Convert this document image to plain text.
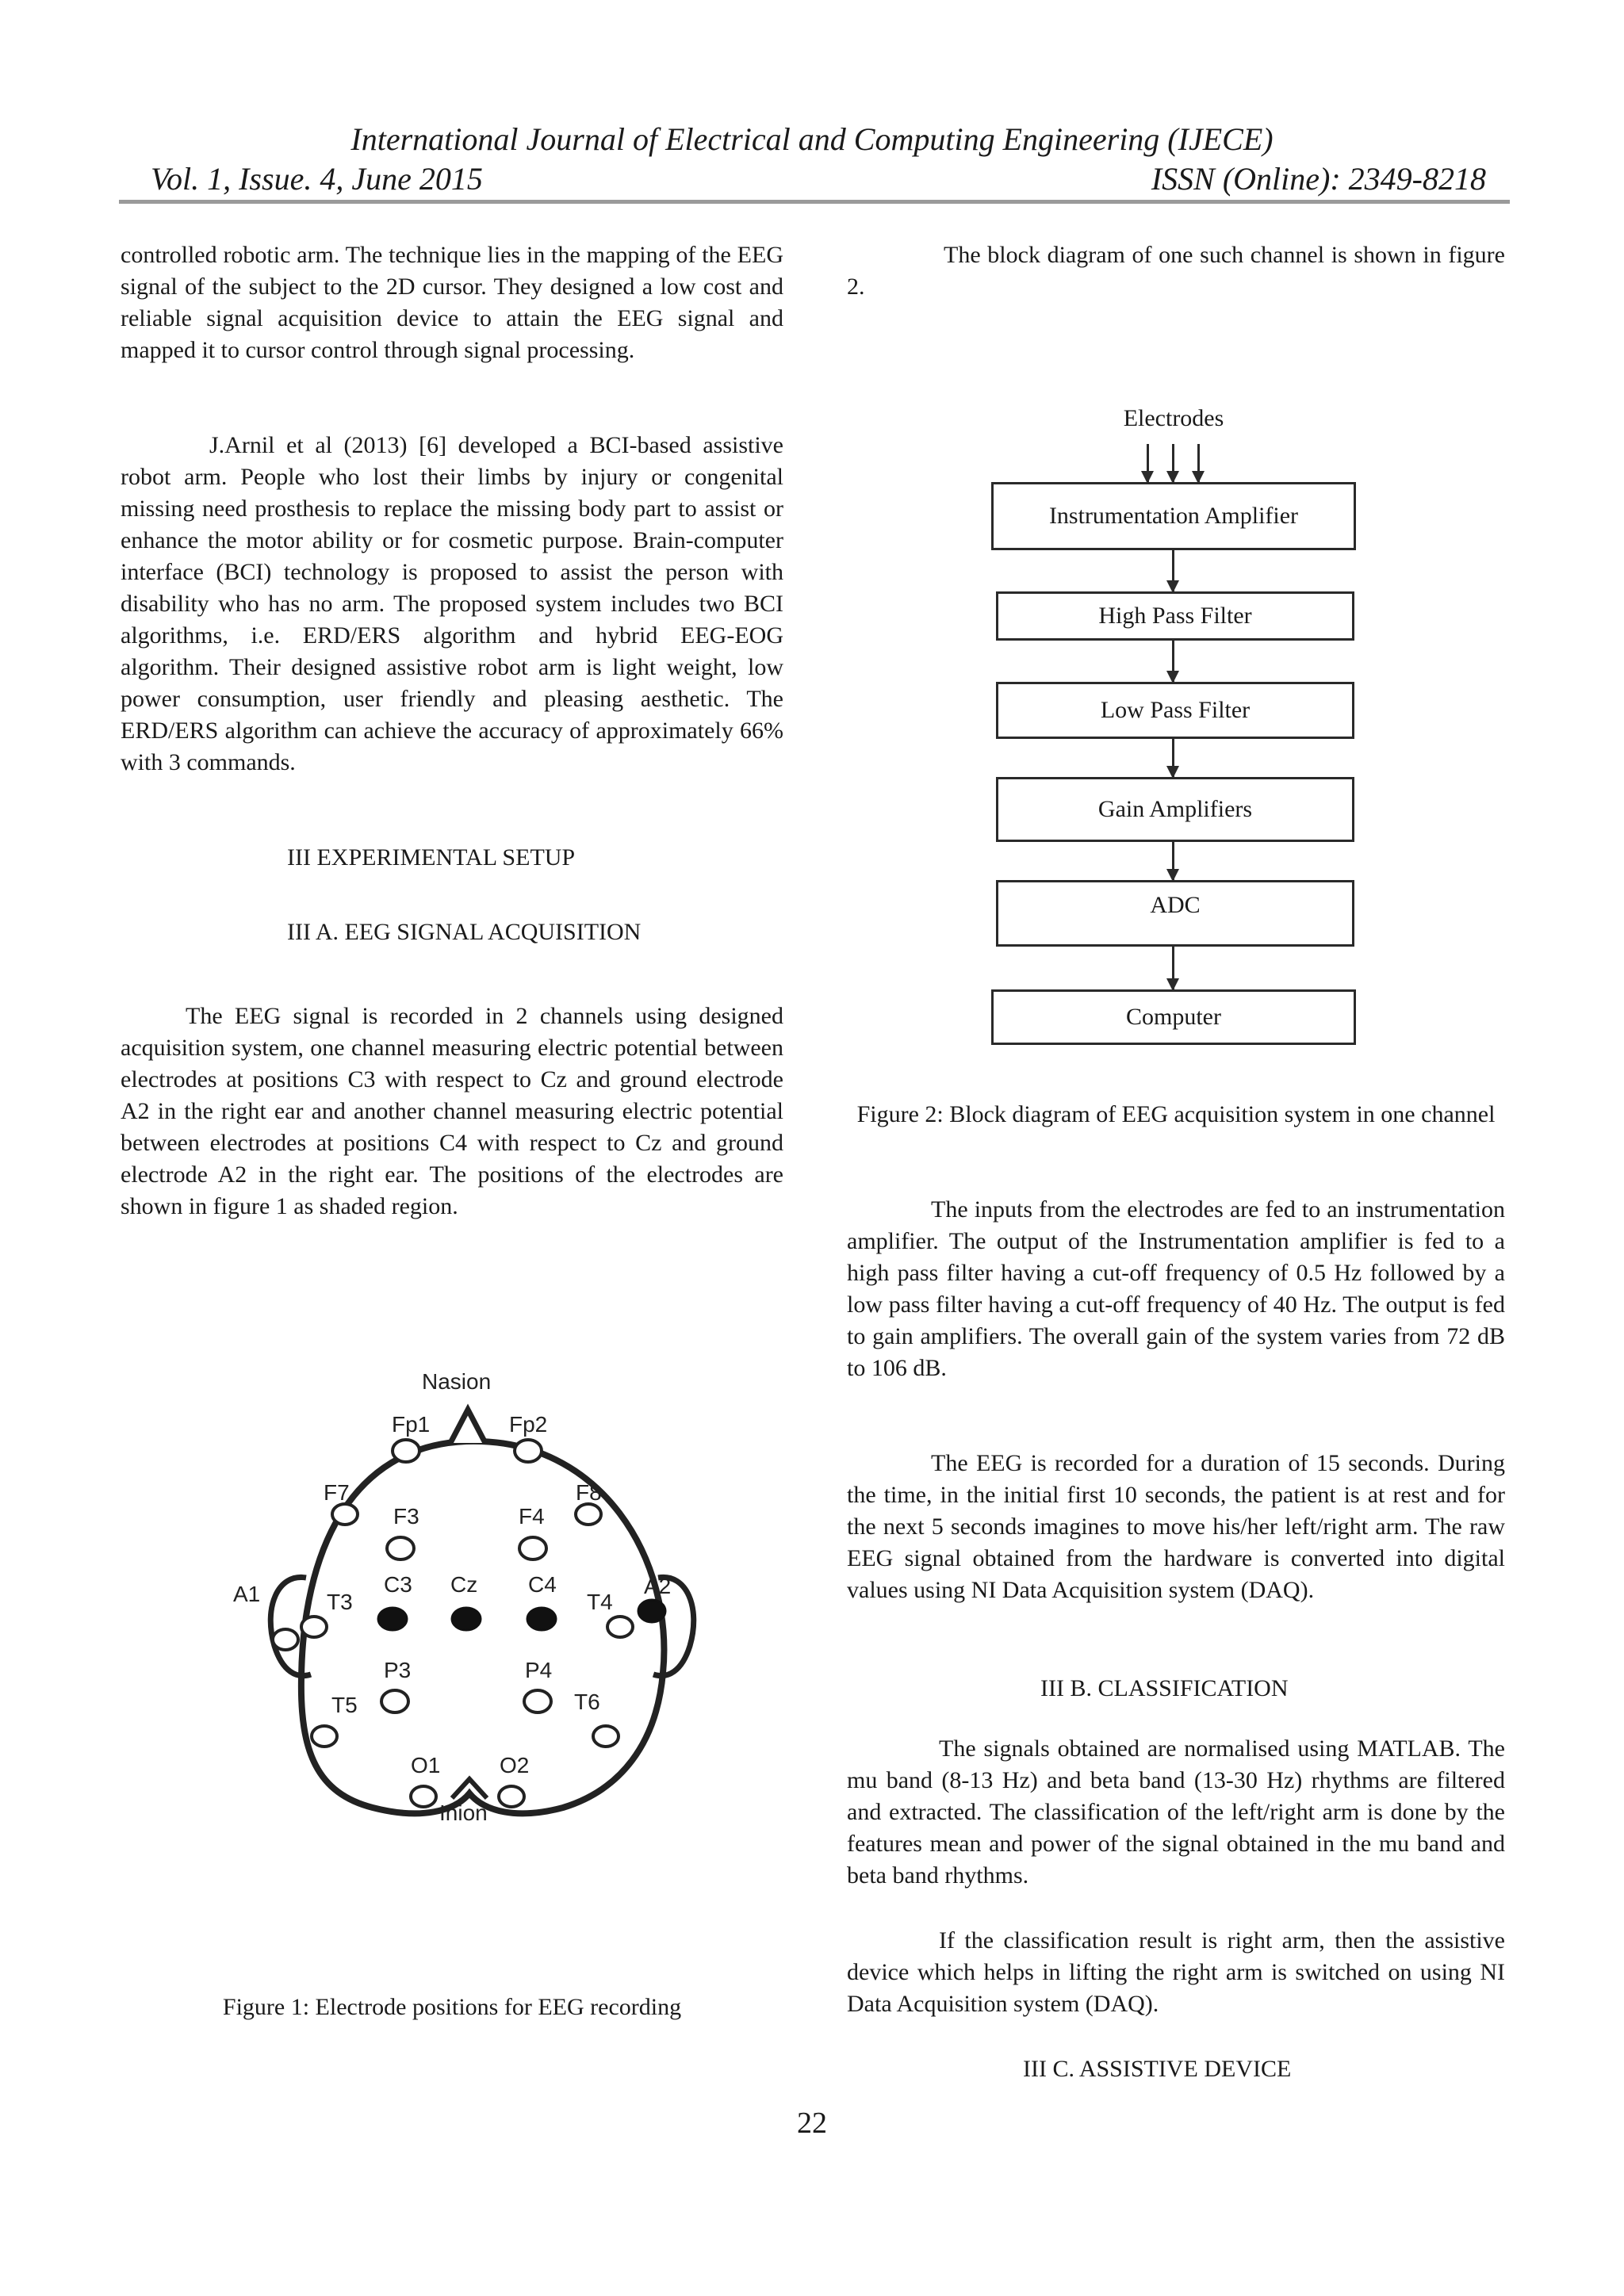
International Journal of Electrical and Computing Engineering (IJECE)
Vol. 1, Issue. 4, June 2015	ISSN (Online): 2349-8218

controlled robotic arm. The technique lies in the mapping of the EEG signal of the subject to the 2D cursor. They designed a low cost and reliable signal acquisition device to attain the EEG signal and mapped it to cursor control through signal processing.

J.Arnil et al (2013) [6] developed a BCI-based assistive robot arm. People who lost their limbs by injury or congenital missing need prosthesis to replace the missing body part to assist or enhance the motor ability or for cosmetic purpose. Brain-computer interface (BCI) technology is proposed to assist the person with disability who has no arm. The proposed system includes two BCI algorithms, i.e. ERD/ERS algorithm and hybrid EEG-EOG algorithm. Their designed assistive robot arm is light weight, low power consumption, user friendly and pleasing aesthetic. The ERD/ERS algorithm can achieve the accuracy of approximately 66% with 3 commands.

III EXPERIMENTAL SETUP
III A. EEG SIGNAL ACQUISITION

The EEG signal is recorded in 2 channels using designed acquisition system, one channel measuring electric potential between electrodes at positions C3 with respect to Cz and ground electrode A2 in the right ear and another channel measuring electric potential between electrodes at positions C4 with respect to Cz and ground electrode A2 in the right ear. The positions of the electrodes are shown in figure 1 as shaded region.

Nasion
Fp1	Fp2
F7	F8
F3	F4
A1	A2
T3	T4
C3 Cz C4
P3	P4
T5	T6
O1	O2
Inion
Figure 1: Electrode positions for EEG recording

The block diagram of one such channel is shown in figure 2.

Electrodes
Instrumentation Amplifier
High Pass Filter
Low Pass Filter
Gain Amplifiers
ADC
Computer
Figure 2: Block diagram of EEG acquisition system in one channel

The inputs from the electrodes are fed to an instrumentation amplifier. The output of the Instrumentation amplifier is fed to a high pass filter having a cut-off frequency of 0.5 Hz followed by a low pass filter having a cut-off frequency of 40 Hz. The output is fed to gain amplifiers. The overall gain of the system varies from 72 dB to 106 dB.

The EEG is recorded for a duration of 15 seconds. During the time, in the initial first 10 seconds, the patient is at rest and for the next 5 seconds imagines to move his/her left/right arm. The raw EEG signal obtained from the hardware is converted into digital values using NI Data Acquisition system (DAQ).

III B. CLASSIFICATION

The signals obtained are normalised using MATLAB. The mu band (8-13 Hz) and beta band (13-30 Hz) rhythms are filtered and extracted. The classification of the left/right arm is done by the features mean and power of the signal obtained in the mu band and beta band rhythms.

If the classification result is right arm, then the assistive device which helps in lifting the right arm is switched on using NI Data Acquisition system (DAQ).

III C. ASSISTIVE DEVICE
22
